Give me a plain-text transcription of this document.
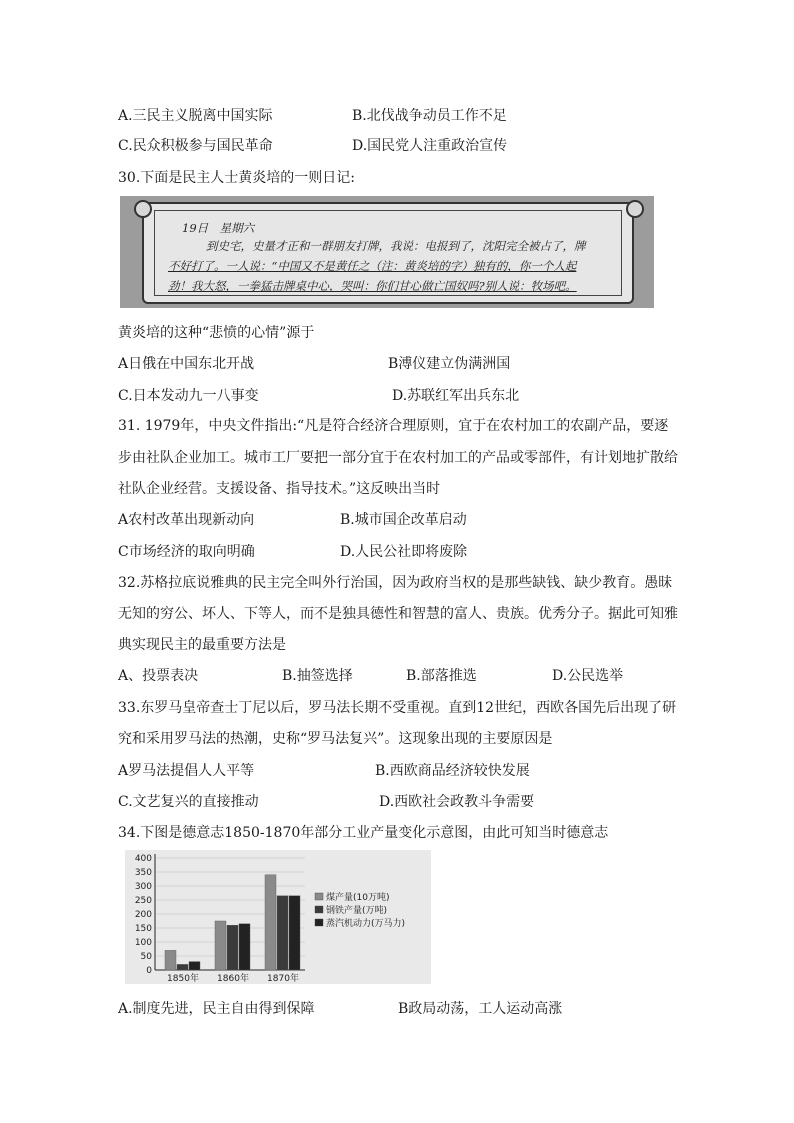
A.三民主义脱离中国实际	B.北伐战争动员工作不足
C.民众积极参与国民革命	D.国民党人注重政治宣传
30.下面是民主人士黄炎培的一则日记:
19日　星期六
到史宅，史量才正和一群朋友打牌，我说：电报到了，沈阳完全被占了，牌
不好打了。一人说：“中国又不是黄任之（注：黄炎培的字）独有的，你一个人起
劲！我大怒，一拳猛击牌桌中心，哭叫：你们甘心做亡国奴吗?别人说：牧场吧。
黄炎培的这种“悲愤的心情”源于
A日俄在中国东北开战	B溥仪建立伪满洲国
C.日本发动九一八事变	D.苏联红军出兵东北
31. 1979年，中央文件指出:“凡是符合经济合理原则，宜于在农村加工的农副产品，要逐
步由社队企业加工。城市工厂要把一部分宜于在农村加工的产品或零部件，有计划地扩散给
社队企业经营。支援设备、指导技术。”这反映出当时
A农村改革出现新动向	B.城市国企改革启动
C市场经济的取向明确	D.人民公社即将废除
32.苏格拉底说雅典的民主完全叫外行治国，因为政府当权的是那些缺钱、缺少教育。愚昧
无知的穷公、坏人、下等人，而不是独具德性和智慧的富人、贵族。优秀分子。据此可知雅
典实现民主的最重要方法是
A、投票表决	B.抽签选择	B.部落推选	D.公民选举
33.东罗马皇帝查士丁尼以后，罗马法长期不受重视。直到12世纪，西欧各国先后出现了研
究和采用罗马法的热潮，史称“罗马法复兴”。这现象出现的主要原因是
A罗马法提倡人人平等	B.西欧商品经济较快发展
C.文艺复兴的直接推动	D.西欧社会政教斗争需要
34.下图是德意志1850-1870年部分工业产量变化示意图，由此可知当时德意志
0
50
100
150
200
250
300
350
400
1850年 1860年 1870年
煤产量(10万吨)
钢铁产量(万吨)
蒸汽机动力(万马力)
A.制度先进，民主自由得到保障	B政局动荡，工人运动高涨
